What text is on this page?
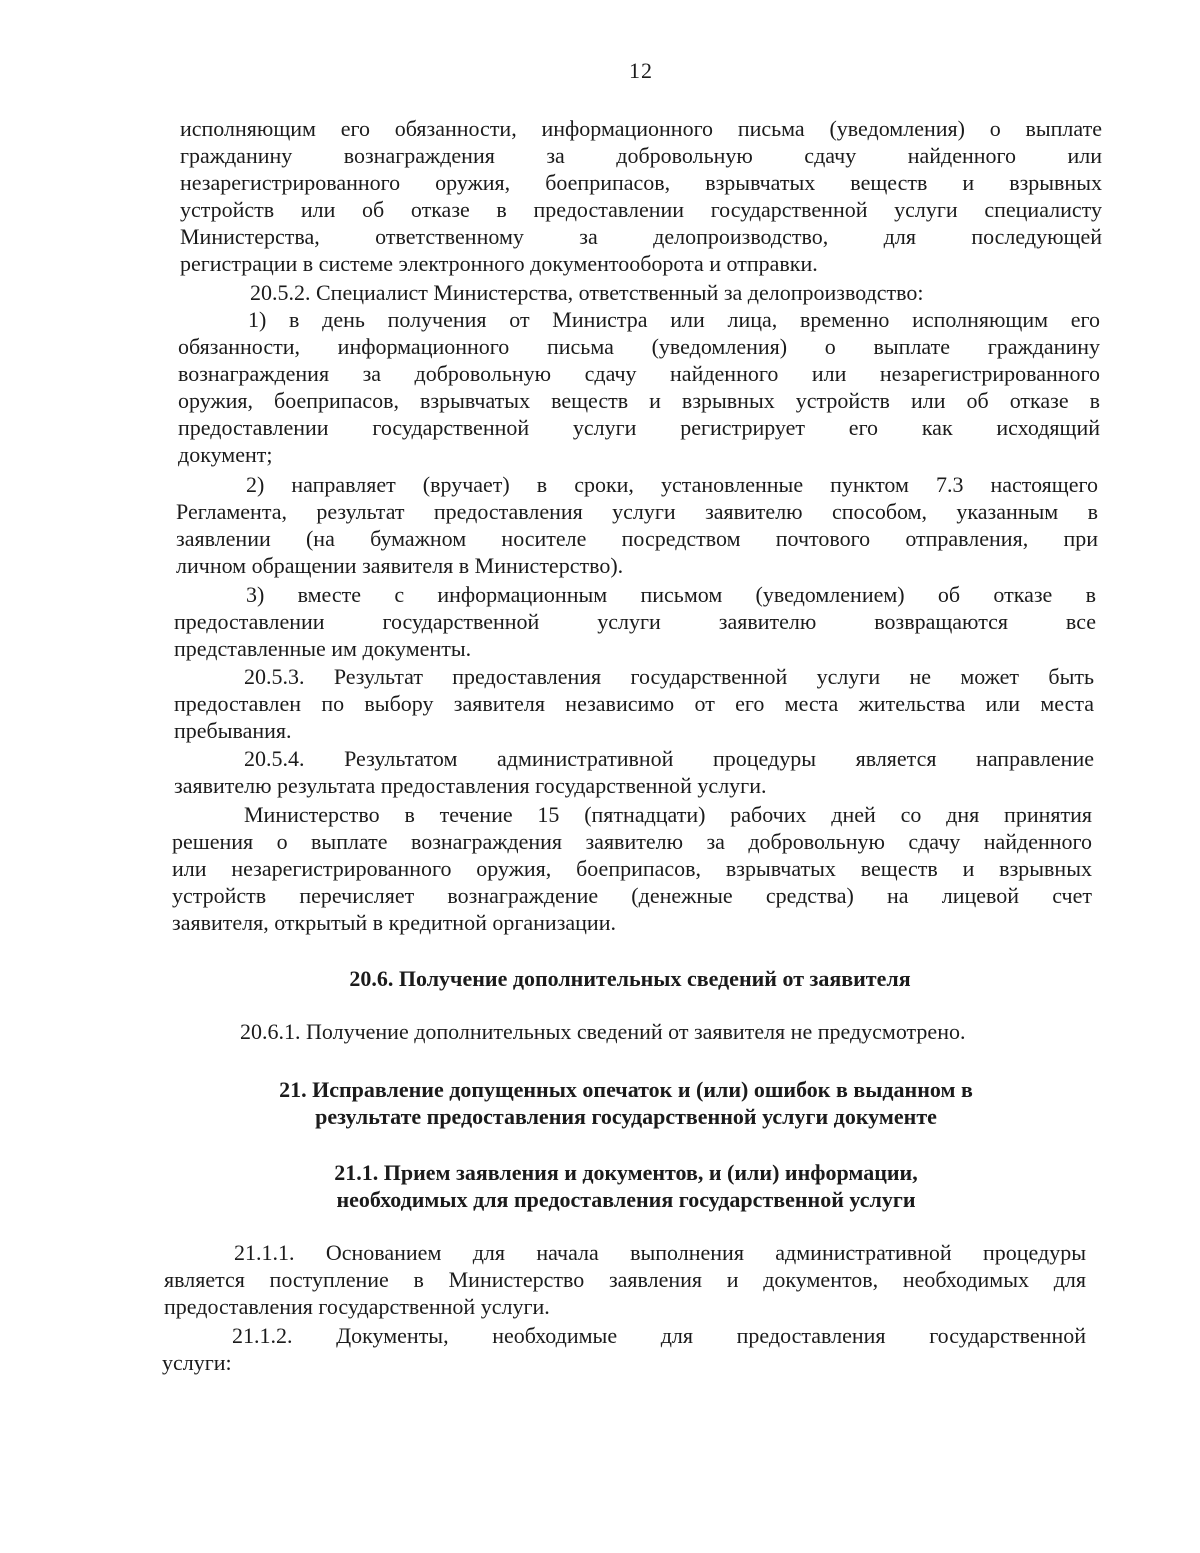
12
исполняющим его обязанности, информационного письма (уведомления) о выплате
гражданину вознаграждения за добровольную сдачу найденного или
незарегистрированного оружия, боеприпасов, взрывчатых веществ и взрывных
устройств или об отказе в предоставлении государственной услуги специалисту
Министерства, ответственному за делопроизводство, для последующей
регистрации в системе электронного документооборота и отправки.
20.5.2. Специалист Министерства, ответственный за делопроизводство:
1) в день получения от Министра или лица, временно исполняющим его
обязанности, информационного письма (уведомления) о выплате гражданину
вознаграждения за добровольную сдачу найденного или незарегистрированного
оружия, боеприпасов, взрывчатых веществ и взрывных устройств или об отказе в
предоставлении государственной услуги регистрирует его как исходящий
документ;
2) направляет (вручает) в сроки, установленные пунктом 7.3 настоящего
Регламента, результат предоставления услуги заявителю способом, указанным в
заявлении (на бумажном носителе посредством почтового отправления, при
личном обращении заявителя в Министерство).
3) вместе с информационным письмом (уведомлением) об отказе в
предоставлении государственной услуги заявителю возвращаются все
представленные им документы.
20.5.3. Результат предоставления государственной услуги не может быть
предоставлен по выбору заявителя независимо от его места жительства или места
пребывания.
20.5.4. Результатом административной процедуры является направление
заявителю результата предоставления государственной услуги.
Министерство в течение 15 (пятнадцати) рабочих дней со дня принятия
решения о выплате вознаграждения заявителю за добровольную сдачу найденного
или незарегистрированного оружия, боеприпасов, взрывчатых веществ и взрывных
устройств перечисляет вознаграждение (денежные средства) на лицевой счет
заявителя, открытый в кредитной организации.
20.6. Получение дополнительных сведений от заявителя
20.6.1. Получение дополнительных сведений от заявителя не предусмотрено.
21. Исправление допущенных опечаток и (или) ошибок в выданном в
результате предоставления государственной услуги документе
21.1. Прием заявления и документов, и (или) информации,
необходимых для предоставления государственной услуги
21.1.1. Основанием для начала выполнения административной процедуры
является поступление в Министерство заявления и документов, необходимых для
предоставления государственной услуги.
21.1.2. Документы, необходимые для предоставления государственной
услуги:
